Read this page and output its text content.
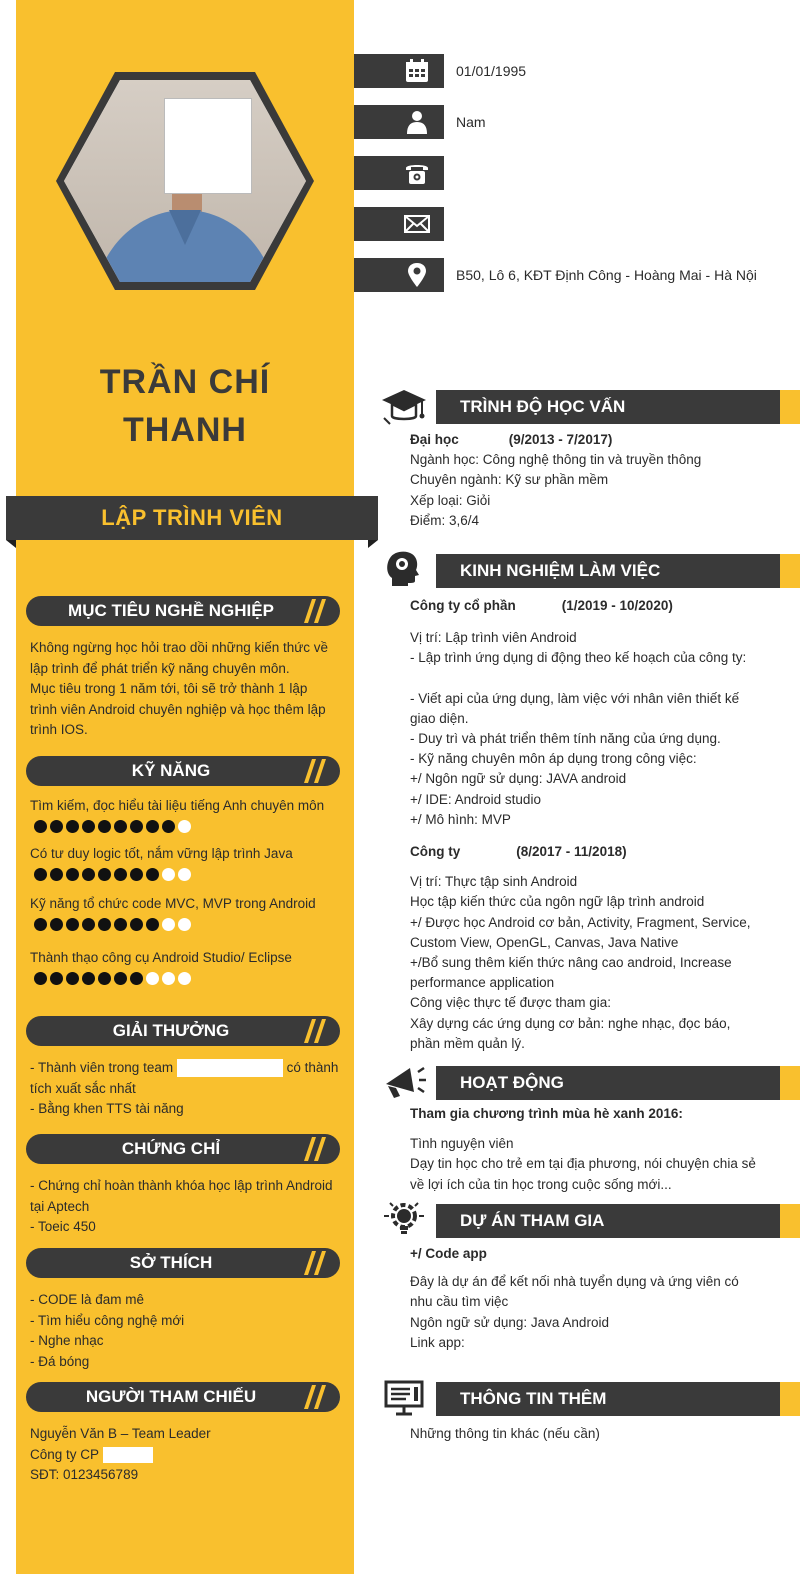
TRẦN CHÍ
THANH
LẬP TRÌNH VIÊN
MỤC TIÊU NGHỀ NGHIỆP
Không ngừng học hỏi trao dồi những kiến thức về
lập trình để phát triển kỹ năng chuyên môn.
Mục tiêu trong 1 năm tới, tôi sẽ trở thành 1 lập
trình viên Android chuyên nghiệp và học thêm lập
trình IOS.
KỸ NĂNG
Tìm kiếm, đọc hiểu tài liệu tiếng Anh chuyên môn
Có tư duy logic tốt, nắm vững lập trình Java
Kỹ năng tổ chức code MVC, MVP trong Android
Thành thạo công cụ Android Studio/ Eclipse
GIẢI THƯỞNG
- Thành viên trong team	có thành
tích xuất sắc nhất
- Bằng khen TTS tài năng
CHỨNG CHỈ
- Chứng chỉ hoàn thành khóa học lập trình Android
tại Aptech
- Toeic 450
SỞ THÍCH
- CODE là đam mê
- Tìm hiểu công nghệ mới
- Nghe nhạc
- Đá bóng
NGƯỜI THAM CHIẾU
Nguyễn Văn B – Team Leader
Công ty CP
SĐT: 0123456789
01/01/1995
Nam
B50, Lô 6, KĐT Định Công - Hoàng Mai - Hà Nội
TRÌNH ĐỘ HỌC VẤN
Đại học	(9/2013 - 7/2017)
Ngành học: Công nghệ thông tin và truyền thông
Chuyên ngành: Kỹ sư phần mềm
Xếp loại: Giỏi
Điểm: 3,6/4
KINH NGHIỆM LÀM VIỆC
Công ty cổ phần	(1/2019 - 10/2020)
Vị trí: Lập trình viên Android
- Lập trình ứng dụng di động theo kế hoạch của công ty:
- Viết api của ứng dụng, làm việc với nhân viên thiết kế
giao diện.
- Duy trì và phát triển thêm tính năng của ứng dụng.
- Kỹ năng chuyên môn áp dụng trong công việc:
+/ Ngôn ngữ sử dụng: JAVA android
+/ IDE: Android studio
+/ Mô hình: MVP
Công ty	(8/2017 - 11/2018)
Vị trí: Thực tập sinh Android
Học tập kiến thức của ngôn ngữ lập trình android
+/ Được học Android cơ bản, Activity, Fragment, Service,
Custom View, OpenGL, Canvas, Java Native
+/Bổ sung thêm kiến thức nâng cao android, Increase
performance application
Công việc thực tế được tham gia:
Xây dựng các ứng dụng cơ bản: nghe nhạc, đọc báo,
phần mềm quản lý.
HOẠT ĐỘNG
Tham gia chương trình mùa hè xanh 2016:
Tình nguyện viên
Dạy tin học cho trẻ em tại địa phương, nói chuyện chia sẻ
về lợi ích của tin học trong cuộc sống mới...
DỰ ÁN THAM GIA
+/ Code app
Đây là dự án để kết nối nhà tuyển dụng và ứng viên có
nhu cầu tìm việc
Ngôn ngữ sử dụng: Java Android
Link app:
THÔNG TIN THÊM
Những thông tin khác (nếu cần)
